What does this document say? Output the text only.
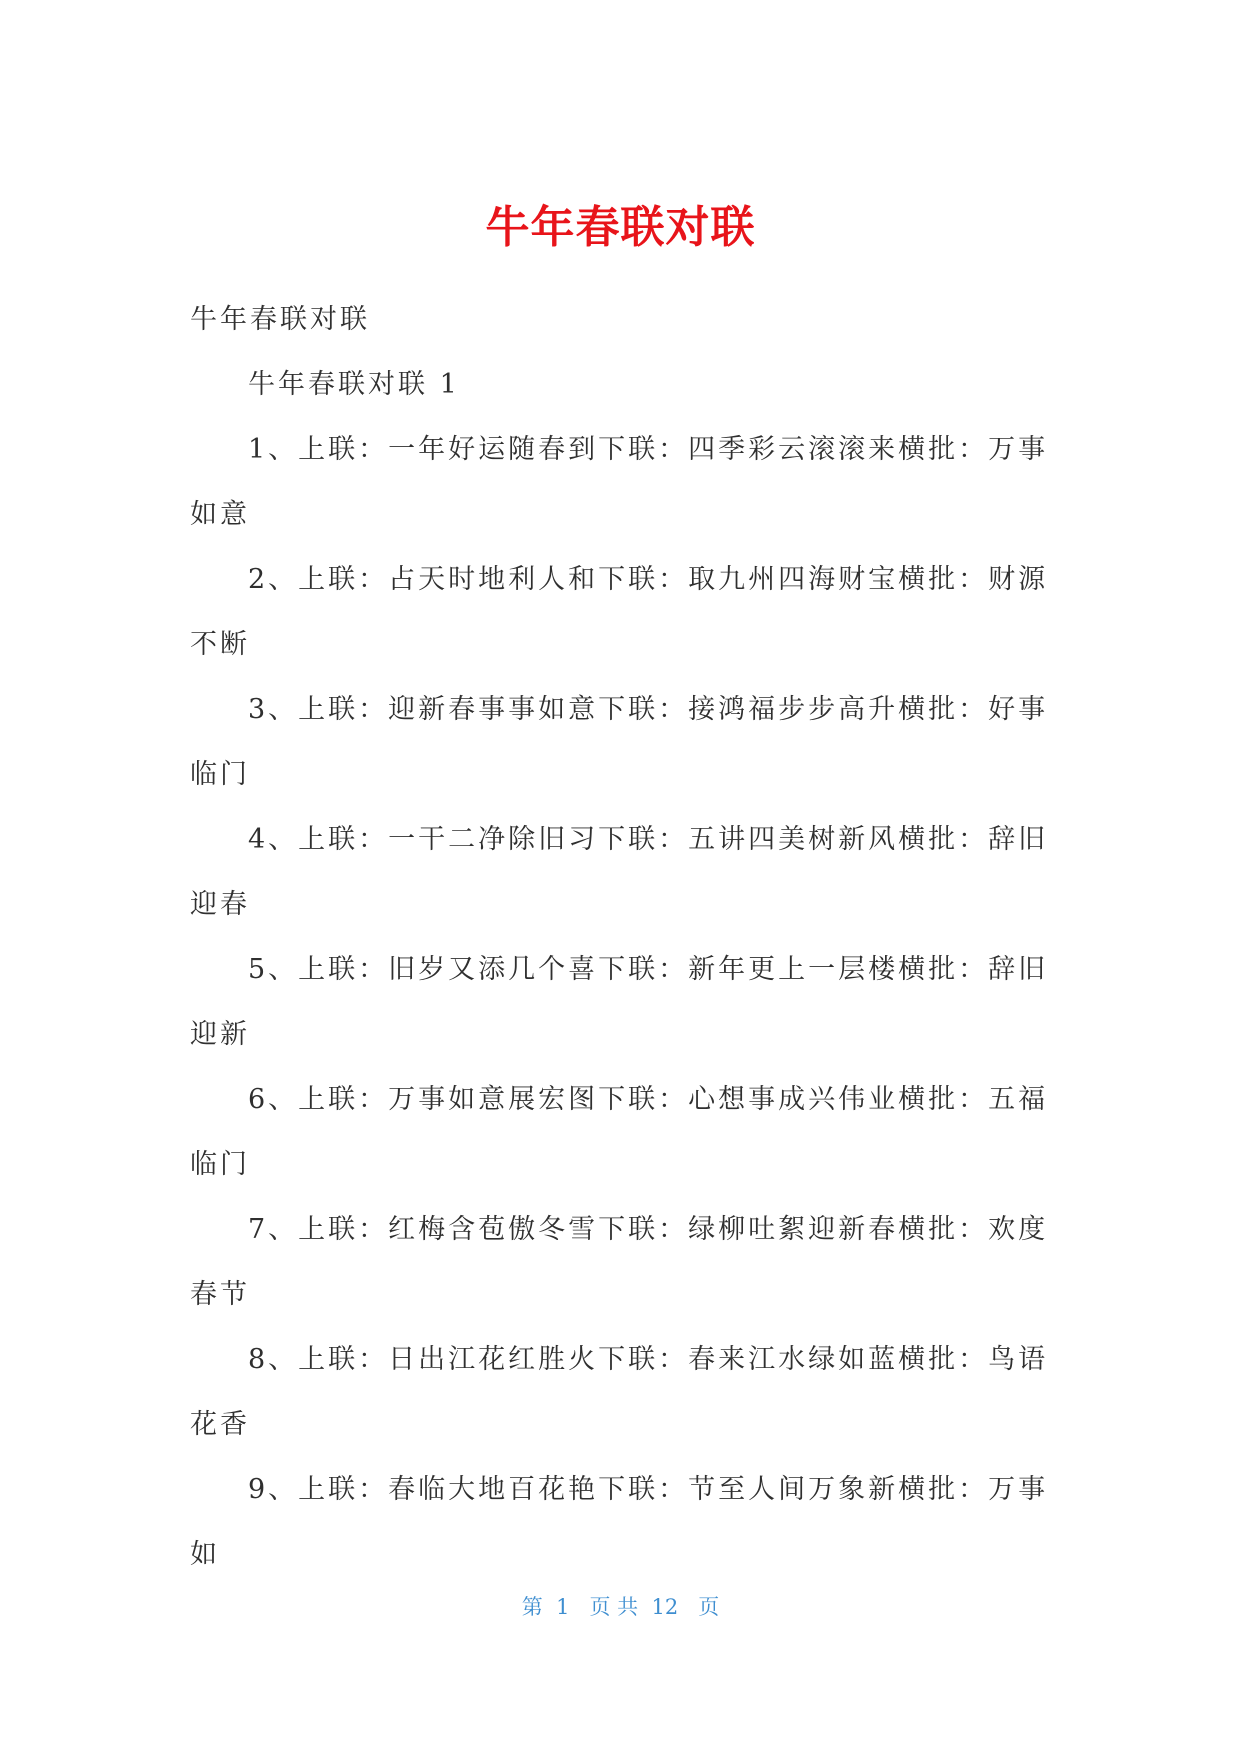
牛年春联对联

牛年春联对联

牛年春联对联 1

1、上联：一年好运随春到下联：四季彩云滚滚来横批：万事如意

2、上联：占天时地利人和下联：取九州四海财宝横批：财源不断

3、上联：迎新春事事如意下联：接鸿福步步高升横批：好事临门

4、上联：一干二净除旧习下联：五讲四美树新风横批：辞旧迎春

5、上联：旧岁又添几个喜下联：新年更上一层楼横批：辞旧迎新

6、上联：万事如意展宏图下联：心想事成兴伟业横批：五福临门

7、上联：红梅含苞傲冬雪下联：绿柳吐絮迎新春横批：欢度春节

8、上联：日出江花红胜火下联：春来江水绿如蓝横批：鸟语花香

9、上联：春临大地百花艳下联：节至人间万象新横批：万事如

第  1   页 共  12   页
